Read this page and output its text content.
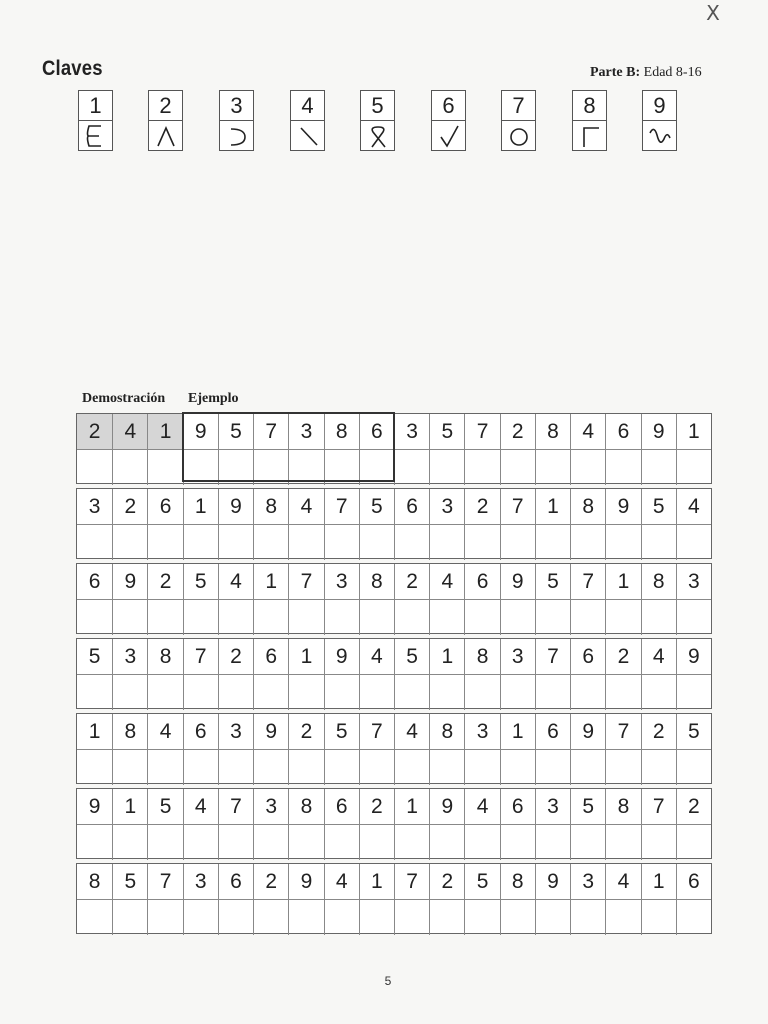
X
Claves	Parte B: Edad 8-16
1	2	3	4	5	6	7	8	9
Demostración Ejemplo
2	4	1	9	5	7	3	8	6	3	5	7	2	8	4	6	9	1
3	2	6	1	9	8	4	7	5	6	3	2	7	1	8	9	5	4
6	9	2	5	4	1	7	3	8	2	4	6	9	5	7	1	8	3
5	3	8	7	2	6	1	9	4	5	1	8	3	7	6	2	4	9
1	8	4	6	3	9	2	5	7	4	8	3	1	6	9	7	2	5
9	1	5	4	7	3	8	6	2	1	9	4	6	3	5	8	7	2
8	5	7	3	6	2	9	4	1	7	2	5	8	9	3	4	1	6
5
